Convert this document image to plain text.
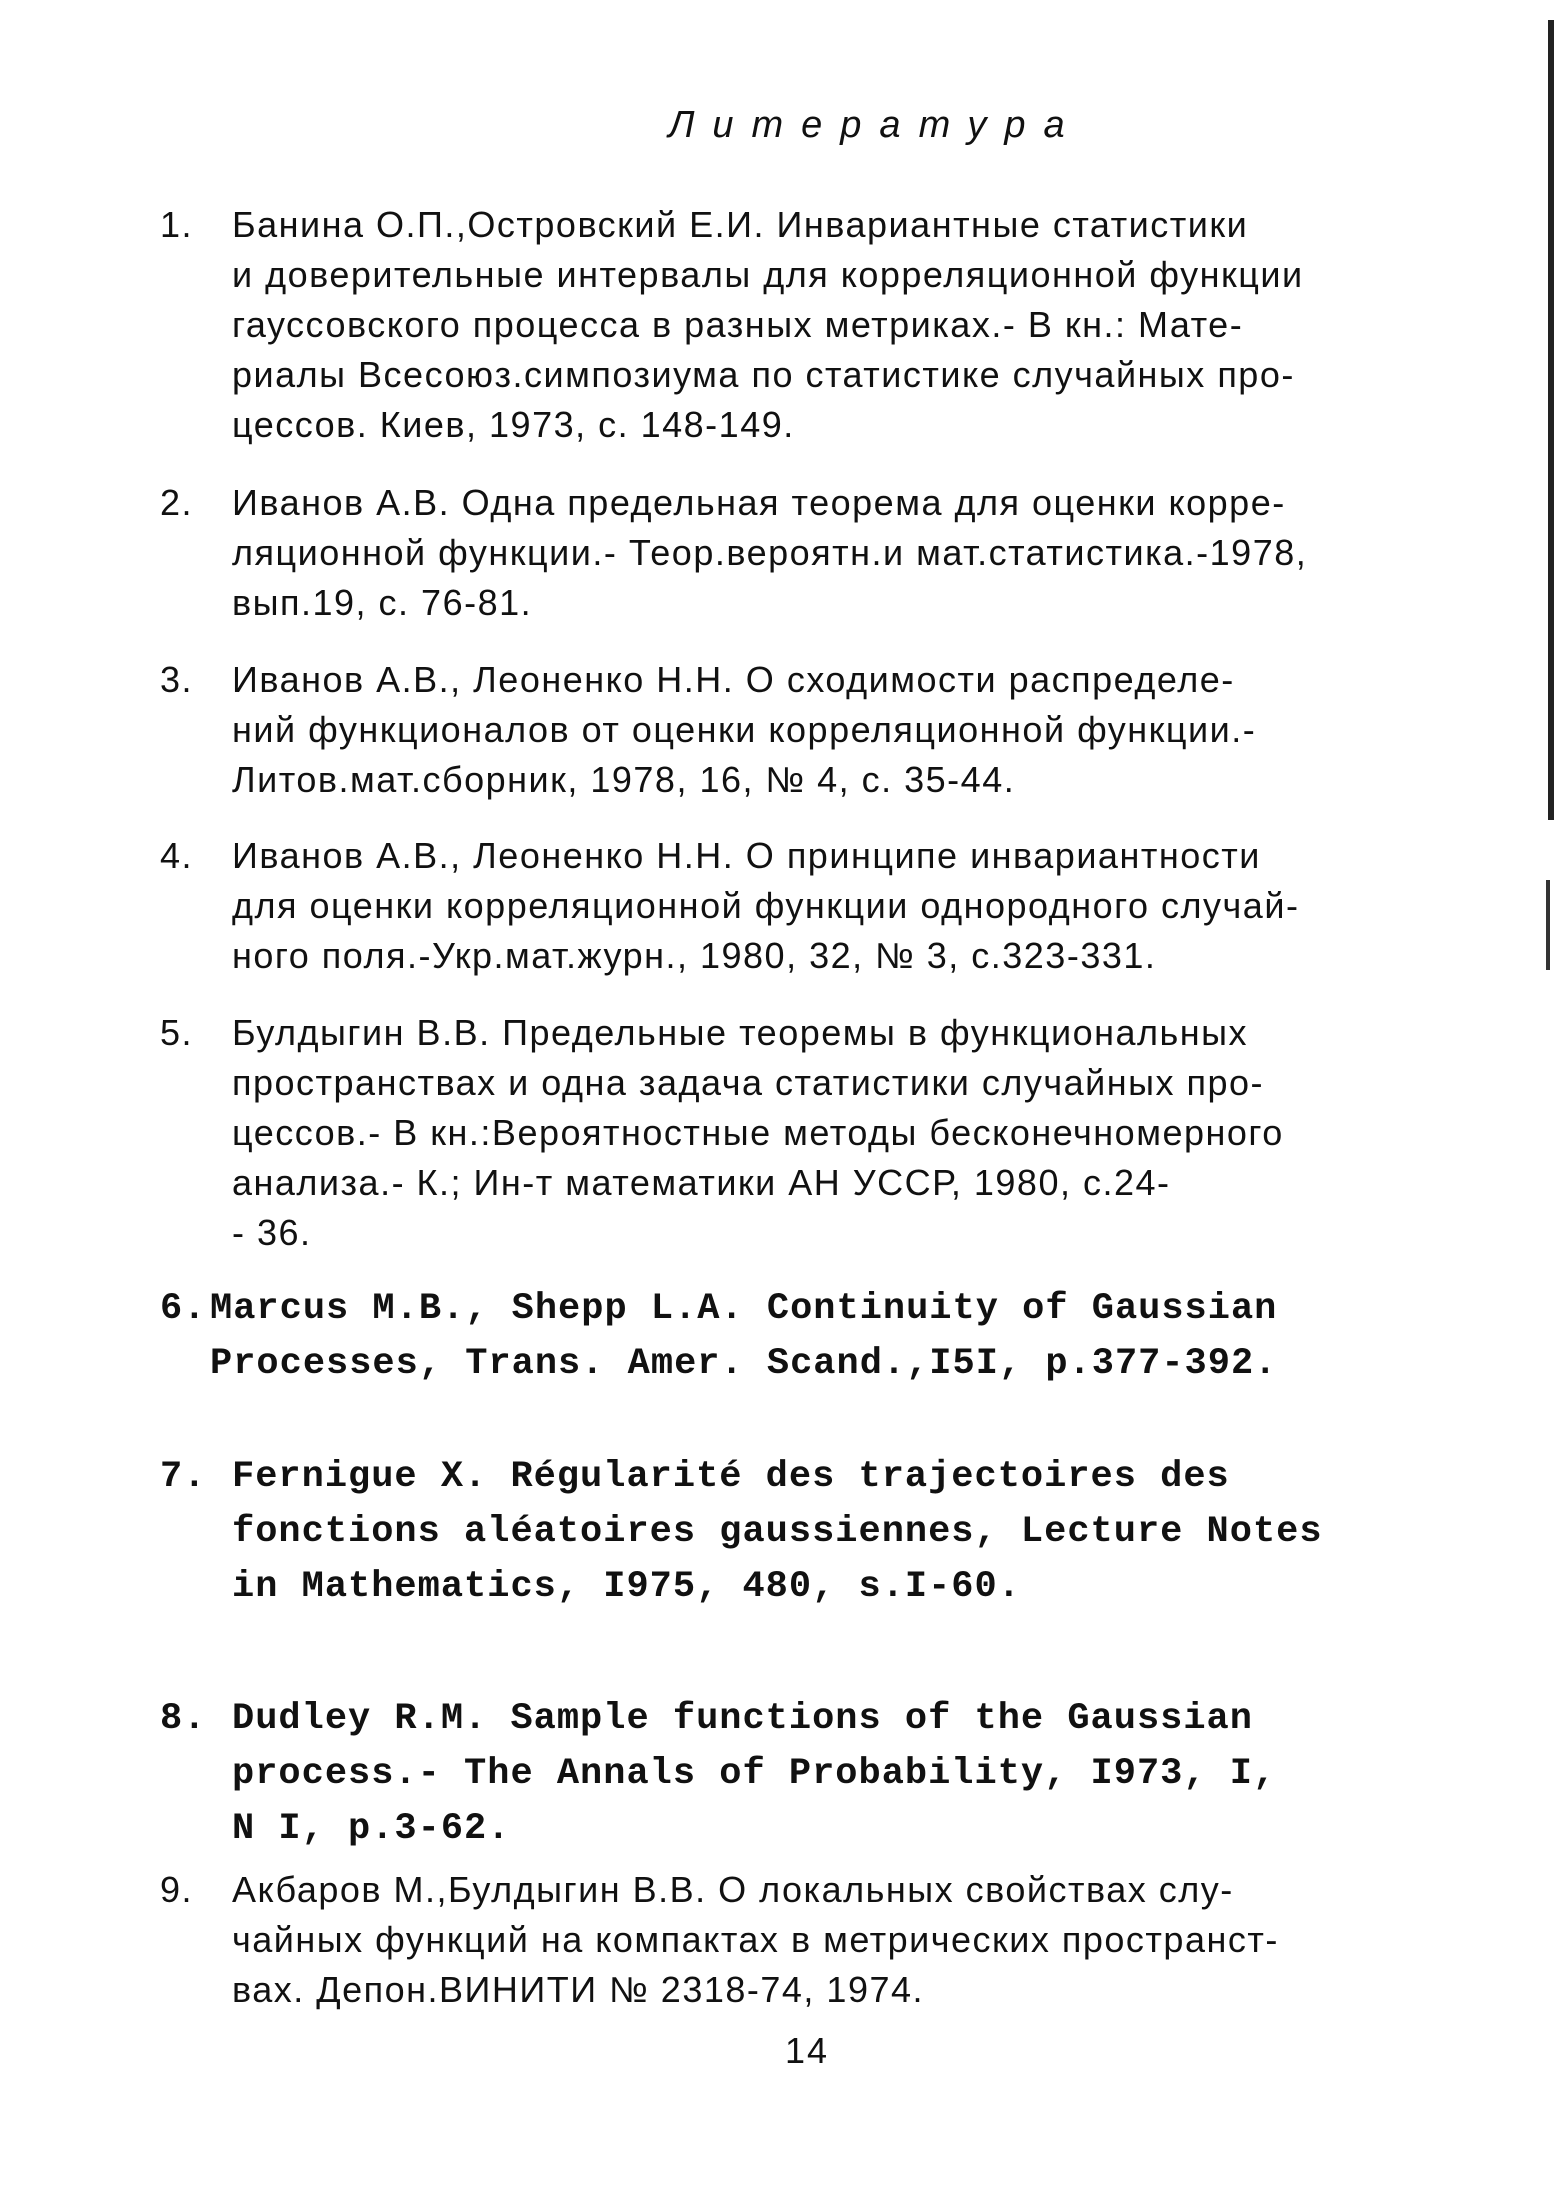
Литература
1.	Банина О.П.,Островский Е.И. Инвариантные статистики
и доверительные интервалы для корреляционной функции
гауссовского процесса в разных метриках.- В кн.: Мате-
риалы Всесоюз.симпозиума по статистике случайных про-
цессов. Киев, 1973, с. 148-149.
2.	Иванов А.В. Одна предельная теорема для оценки корре-
ляционной функции.- Теор.вероятн.и мат.статистика.-1978,
вып.19, с. 76-81.
3.	Иванов А.В., Леоненко Н.Н. О сходимости распределе-
ний функционалов от оценки корреляционной функции.-
Литов.мат.сборник, 1978, 16, № 4, с. 35-44.
4.	Иванов А.В., Леоненко Н.Н. О принципе инвариантности
для оценки корреляционной функции однородного случай-
ного поля.-Укр.мат.журн., 1980, 32, № 3, с.323-331.
5.	Булдыгин В.В. Предельные теоремы в функциональных
пространствах и одна задача статистики случайных про-
цессов.- В кн.:Вероятностные методы бесконечномерного
анализа.- К.; Ин-т математики АН УССР, 1980, с.24-
- 36.
6. Marcus M.B., Shepp L.A. Continuity of Gaussian
Processes, Trans. Amer. Scand.,I5I, p.377-392.
7. Fernigue X. Régularité des trajectoires des
fonctions aléatoires gaussiennes, Lecture Notes
in Mathematics, I975, 480, s.I-60.
8. Dudley R.M. Sample functions of the Gaussian
process.- The Annals of Probability, I973, I,
N I, p.3-62.
9.	Акбаров М.,Булдыгин В.В. О локальных свойствах слу-
чайных функций на компактах в метрических пространст-
вах. Депон.ВИНИТИ № 2318-74, 1974.
14
